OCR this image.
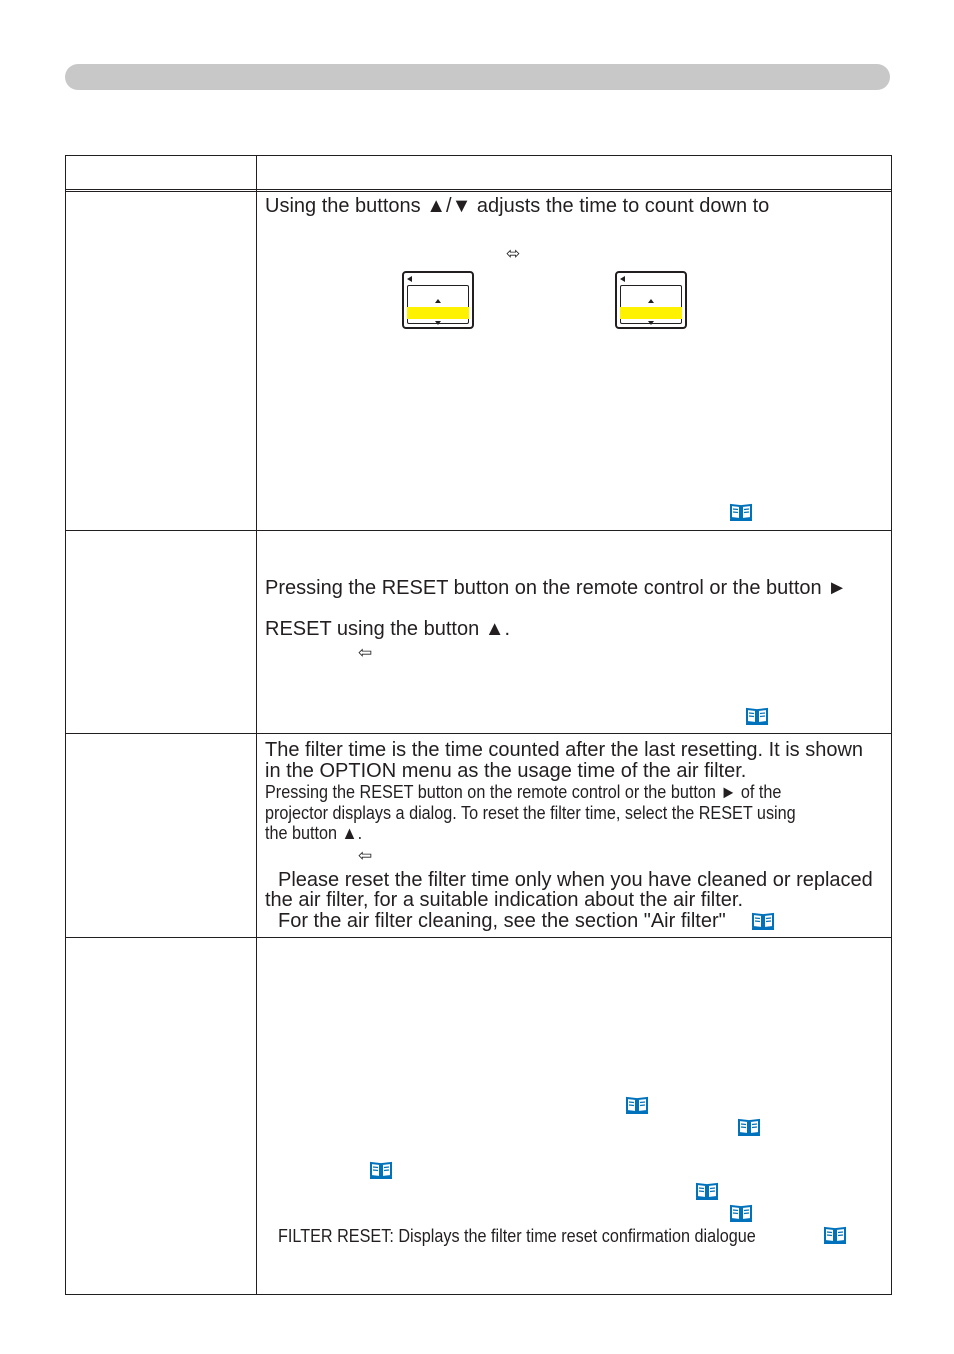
Using the buttons ▲/▼ adjusts the time to count down to
⬄
Pressing the RESET button on the remote control or the button ►
RESET using the button ▲.
⇦
The filter time is the time counted after the last resetting. It is shown
in the OPTION menu as the usage time of the air filter.
Pressing the RESET button on the remote control or the button ► of the
projector displays a dialog. To reset the filter time, select the RESET using
the button ▲.
⇦
Please reset the filter time only when you have cleaned or replaced
the air filter, for a suitable indication about the air filter.
For the air filter cleaning, see the section "Air filter"
FILTER RESET: Displays the filter time reset confirmation dialogue
